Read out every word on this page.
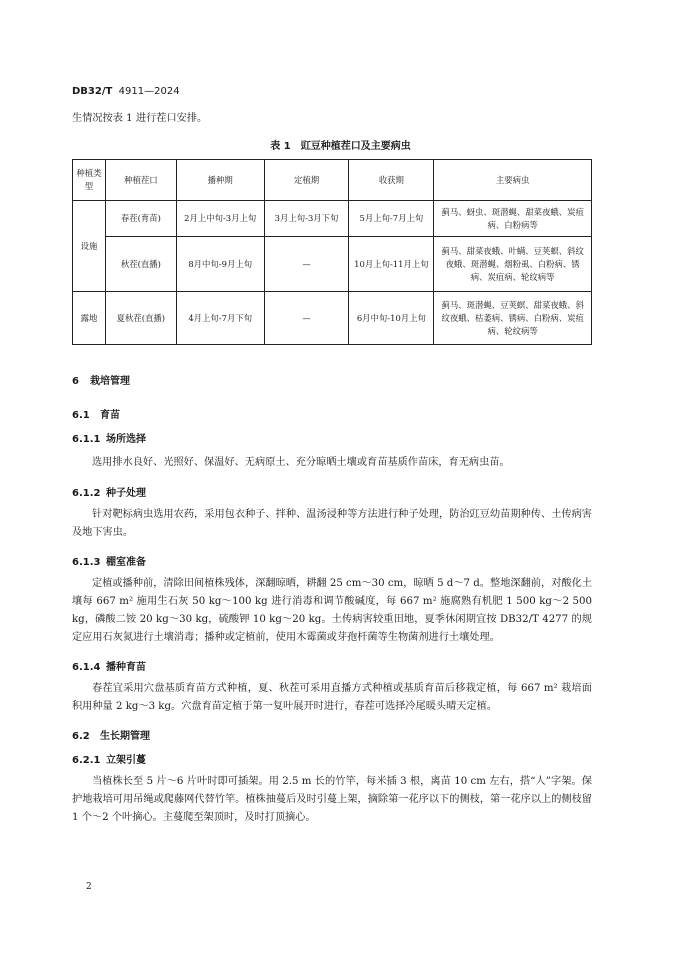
DB32/T 4911—2024
生情况按表 1 进行茬口安排。
表 1　豇豆种植茬口及主要病虫
种植类型	种植茬口	播种期	定植期	收获期	主要病虫
设施	春茬(育苗)	2月上中旬-3月上旬	3月上旬-3月下旬	5月上旬-7月上旬	蓟马、蚜虫、斑潜蝇、甜菜夜蛾、炭疽病、白粉病等
	秋茬(直播)	8月中旬-9月上旬	—	10月上旬-11月上旬	蓟马、甜菜夜蛾、叶螨、豆荚螟、斜纹夜蛾、斑潜蝇、烟粉虱、白粉病、锈病、炭疽病、轮纹病等
露地	夏秋茬(直播)	4月上旬-7月下旬	—	6月中旬-10月上旬	蓟马、斑潜蝇、豆荚螟、甜菜夜蛾、斜纹夜蛾、枯萎病、锈病、白粉病、炭疽病、轮纹病等
6 栽培管理
6.1 育苗
6.1.1 场所选择
选用排水良好、光照好、保温好、无病原土、充分晾晒土壤或育苗基质作苗床，育无病虫苗。
6.1.2 种子处理
针对靶标病虫选用农药，采用包衣种子、拌种、温汤浸种等方法进行种子处理，防治豇豆幼苗期种传、土传病害及地下害虫。
6.1.3 棚室准备
定植或播种前，清除田间植株残体，深翻晾晒，耕翻 25 cm～30 cm，晾晒 5 d～7 d。整地深翻前，对酸化土壤每 667 m² 施用生石灰 50 kg～100 kg 进行消毒和调节酸碱度，每 667 m² 施腐熟有机肥 1 500 kg～2 500 kg，磷酸二铵 20 kg～30 kg，硫酸钾 10 kg～20 kg。土传病害较重田地，夏季休闲期宜按 DB32/T 4277 的规定应用石灰氮进行土壤消毒；播种或定植前，使用木霉菌或芽孢杆菌等生物菌剂进行土壤处理。
6.1.4 播种育苗
春茬宜采用穴盘基质育苗方式种植，夏、秋茬可采用直播方式种植或基质育苗后移栽定植，每 667 m² 栽培面积用种量 2 kg～3 kg。穴盘育苗定植于第一复叶展开时进行，春茬可选择冷尾暖头晴天定植。
6.2 生长期管理
6.2.1 立架引蔓
当植株长至 5 片～6 片叶时即可插架。用 2.5 m 长的竹竿，每米插 3 根，离苗 10 cm 左右，搭“人”字架。保护地栽培可用吊绳或爬藤网代替竹竿。植株抽蔓后及时引蔓上架，摘除第一花序以下的侧枝，第一花序以上的侧枝留 1 个～2 个叶摘心。主蔓爬至架顶时，及时打顶摘心。
2
